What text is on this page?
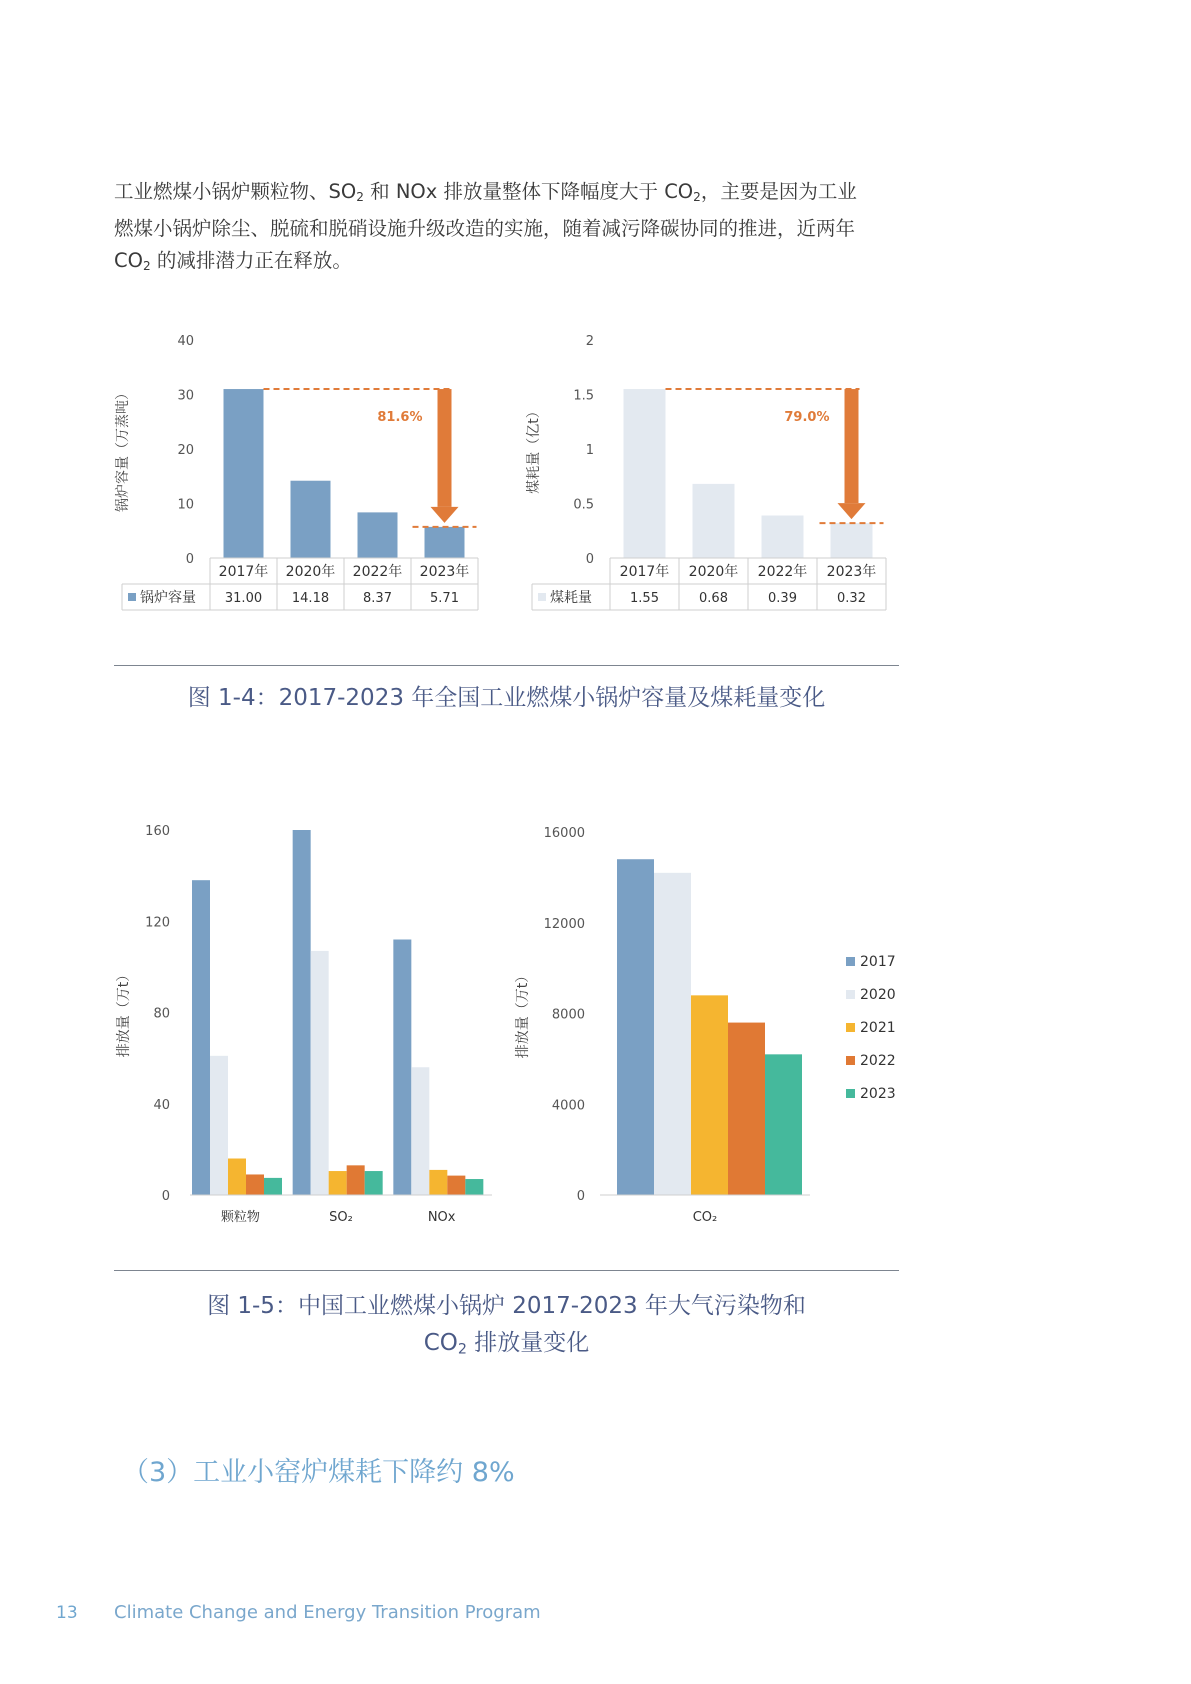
工业燃煤小锅炉颗粒物、$SO_2$ 和 NOx 排放量整体下降幅度大于 $CO_2$，主要是因为工业

燃煤小锅炉除尘、脱硫和脱硝设施升级改造的实施，随着减污降碳协同的推进，近两年

$CO_2$ 的减排潜力正在释放。

0
10
20
30
40
锅炉容量（万蒸吨）
2017年
31.00
2020年
14.18
2022年
8.37
2023年
5.71
锅炉容量
81.6%
0
0.5
1
1.5
2
煤耗量（亿t）
2017年
1.55
2020年
0.68
2022年
0.39
2023年
0.32
煤耗量
79.0%
图 1-4：2017-2023 年全国工业燃煤小锅炉容量及煤耗量变化
0
40
80
120
160
排放量（万t）
颗粒物	SO₂	NOx
0
4000
8000
12000
16000
排放量（万t）
CO₂
2017
2020
2021
2022
2023
图 1-5：中国工业燃煤小锅炉 2017-2023 年大气污染物和
$CO_2$ 排放量变化
（3）工业小窑炉煤耗下降约 8%
13 Climate Change and Energy Transition Program
